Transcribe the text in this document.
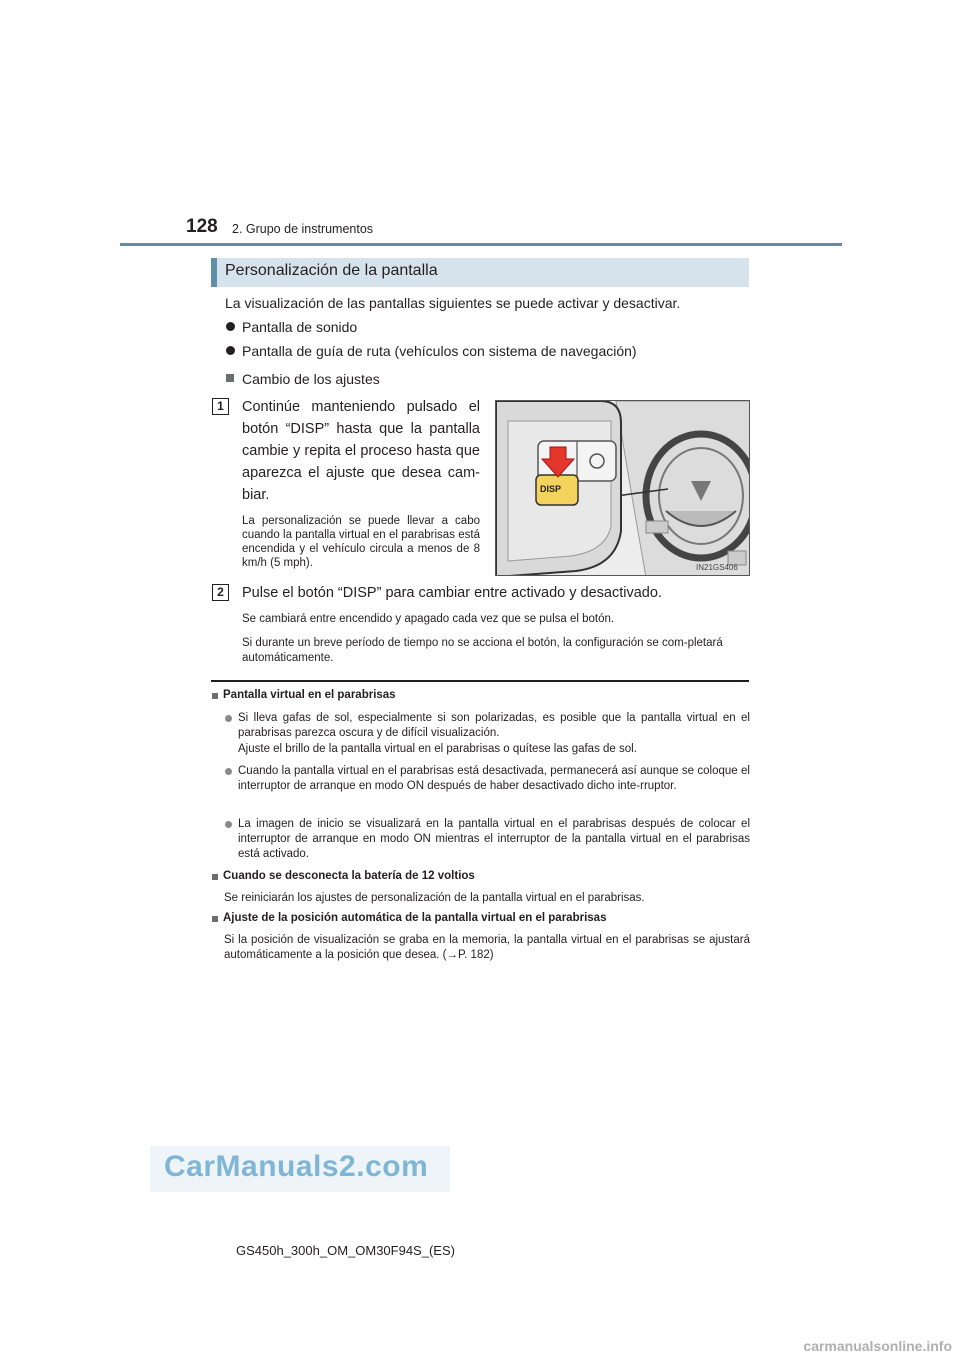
128 2. Grupo de instrumentos
Personalización de la pantalla
La visualización de las pantallas siguientes se puede activar y desactivar.
Pantalla de sonido
Pantalla de guía de ruta (vehículos con sistema de navegación)
Cambio de los ajustes
1	Continúe manteniendo pulsado el botón “DISP” hasta que la pantalla cambie y repita el proceso hasta que aparezca el ajuste que desea cam-biar.
La personalización se puede llevar a cabo cuando la pantalla virtual en el parabrisas está encendida y el vehículo circula a menos de 8 km/h (5 mph).
DISP
IN21GS406
2	Pulse el botón “DISP” para cambiar entre activado y desactivado.
Se cambiará entre encendido y apagado cada vez que se pulsa el botón.
Si durante un breve período de tiempo no se acciona el botón, la configuración se com-pletará automáticamente.
Pantalla virtual en el parabrisas
Si lleva gafas de sol, especialmente si son polarizadas, es posible que la pantalla virtual en el parabrisas parezca oscura y de difícil visualización.
Ajuste el brillo de la pantalla virtual en el parabrisas o quítese las gafas de sol.
Cuando la pantalla virtual en el parabrisas está desactivada, permanecerá así aunque se coloque el interruptor de arranque en modo ON después de haber desactivado dicho inte-rruptor.
La imagen de inicio se visualizará en la pantalla virtual en el parabrisas después de colocar el interruptor de arranque en modo ON mientras el interruptor de la pantalla virtual en el parabrisas está activado.
Cuando se desconecta la batería de 12 voltios
Se reiniciarán los ajustes de personalización de la pantalla virtual en el parabrisas.
Ajuste de la posición automática de la pantalla virtual en el parabrisas
Si la posición de visualización se graba en la memoria, la pantalla virtual en el parabrisas se ajustará automáticamente a la posición que desea. (→P. 182)
CarManuals2.com
GS450h_300h_OM_OM30F94S_(ES)
carmanualsonline.info
